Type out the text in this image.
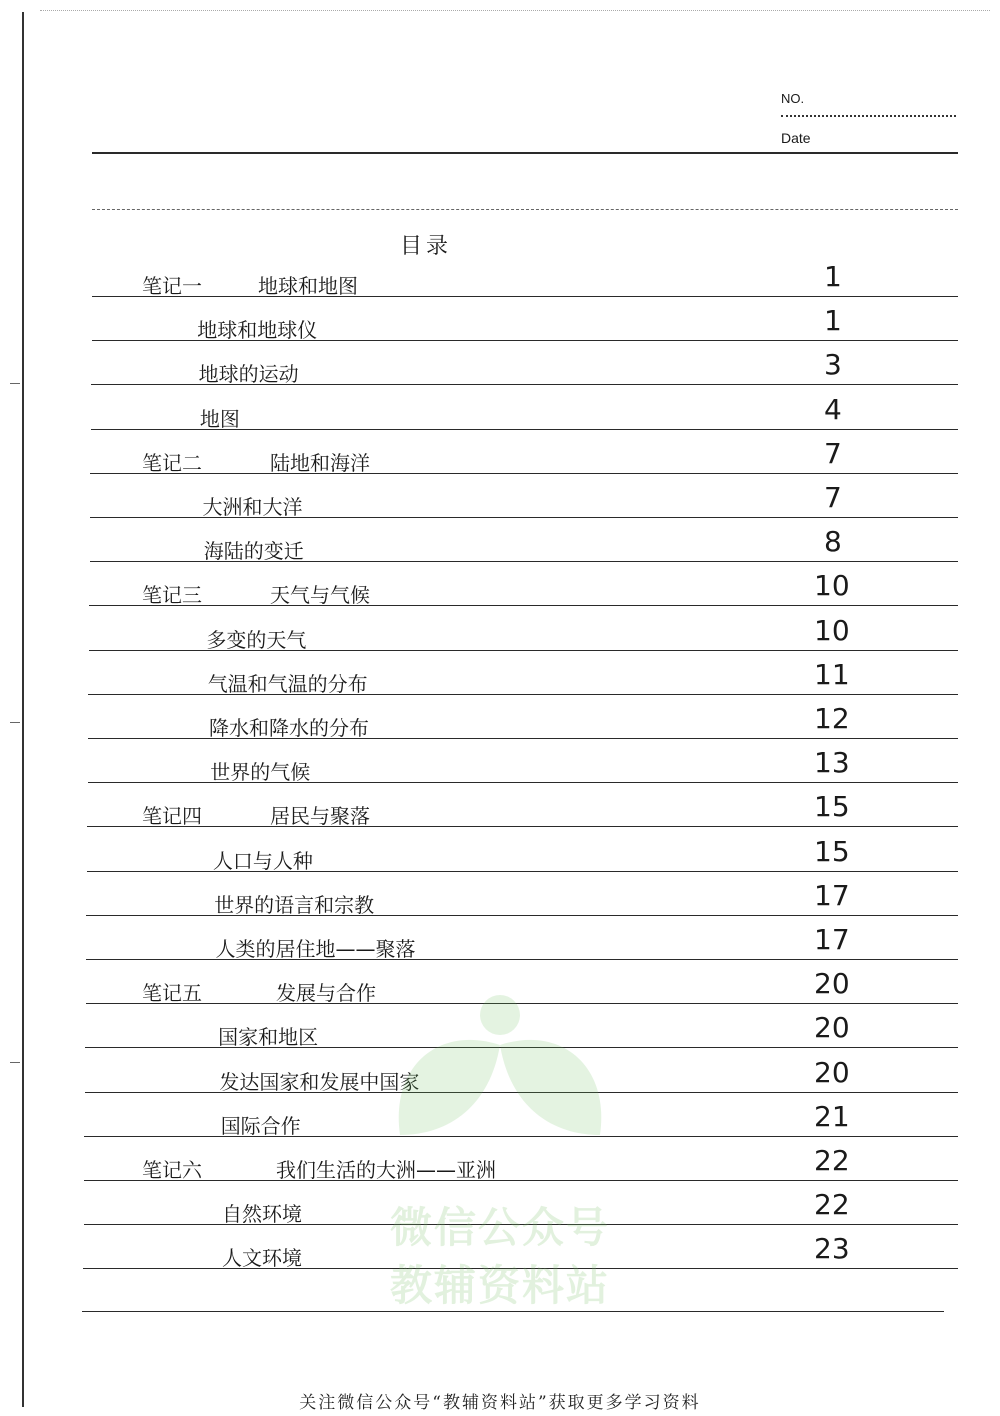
NO.
Date
目录
笔记一	地球和地图	1
地球和地球仪	1
地球的运动	3
地图	4
笔记二	陆地和海洋	7
大洲和大洋	7
海陆的变迁	8
笔记三	天气与气候	10
多变的天气	10
气温和气温的分布	11
降水和降水的分布	12
世界的气候	13
笔记四	居民与聚落	15
人口与人种	15
世界的语言和宗教	17
人类的居住地——聚落	17
笔记五	发展与合作	20
国家和地区	20
发达国家和发展中国家	20
国际合作	21
笔记六	我们生活的大洲——亚洲	22
自然环境	22
人文环境	23
微信公众号
教辅资料站
关注微信公众号“教辅资料站”获取更多学习资料
